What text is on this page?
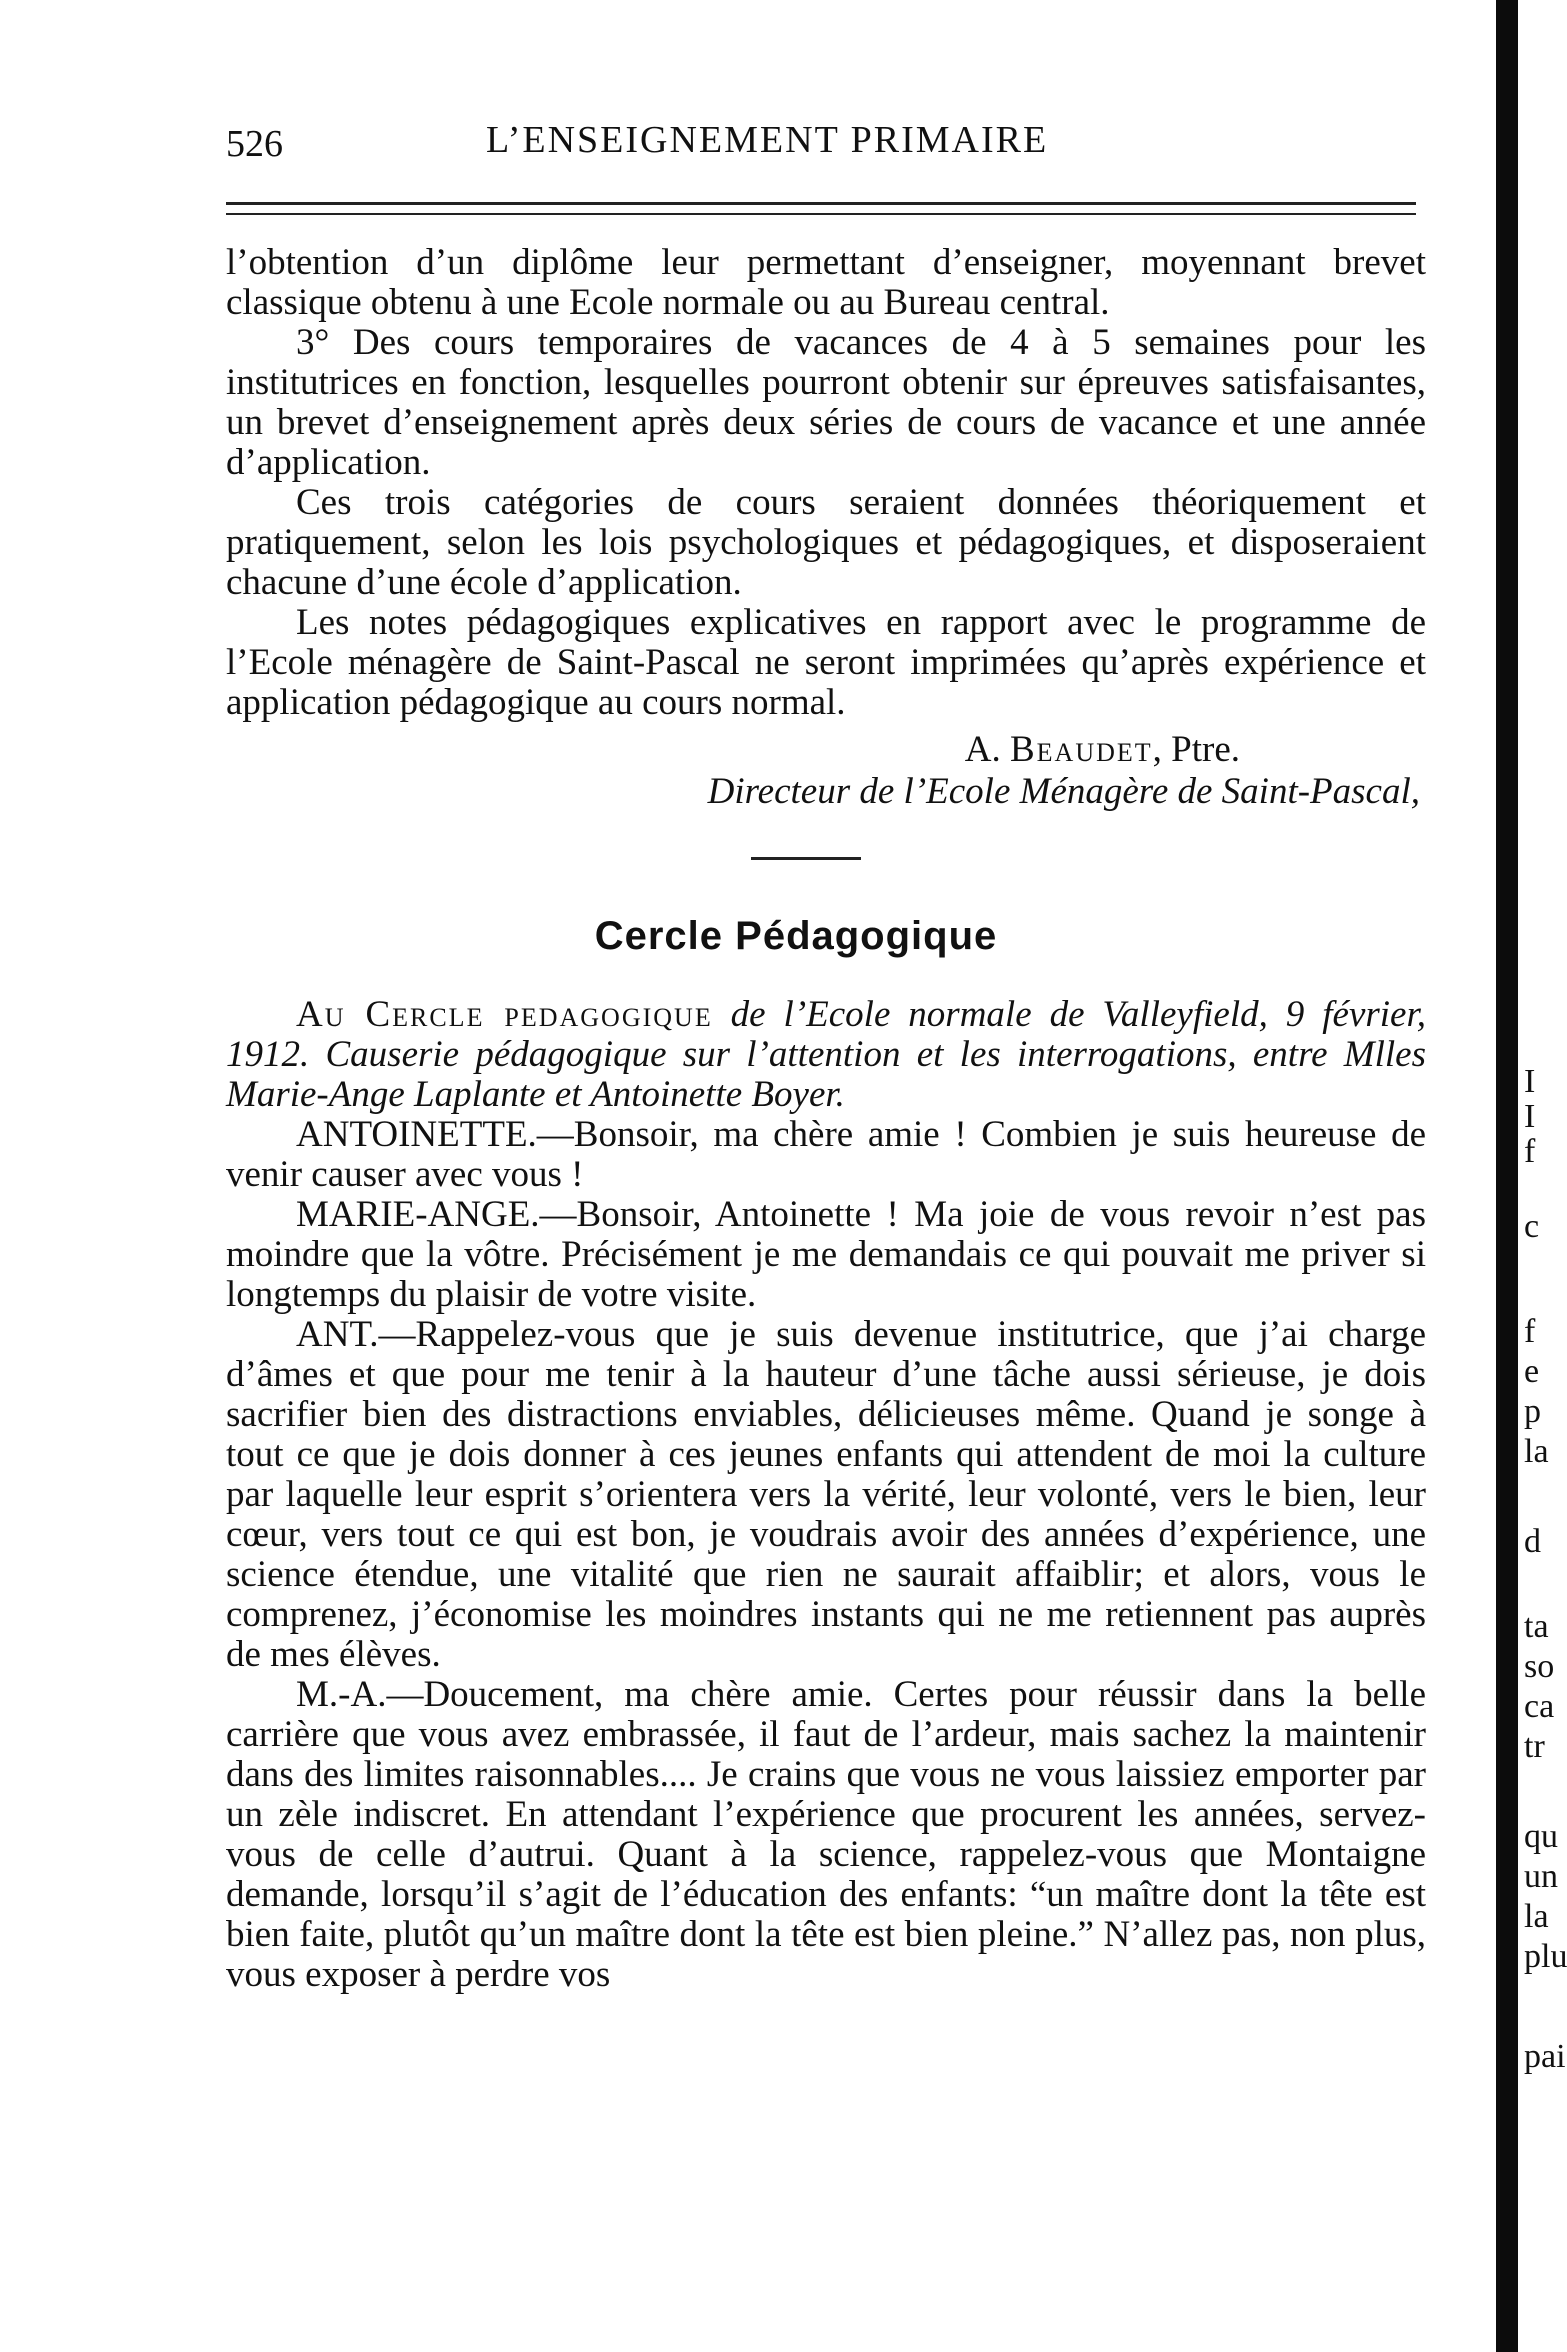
I
I
f
c
f
e
p
la
d
ta
so
ca
tr
qu
un
la
plu
pai
526	L’ENSEIGNEMENT PRIMAIRE

l’obtention d’un diplôme leur permettant d’enseigner, moyennant brevet classique obtenu à une Ecole normale ou au Bureau central.

3° Des cours temporaires de vacances de 4 à 5 semaines pour les institutrices en fonction, lesquelles pourront obtenir sur épreuves satisfaisantes, un brevet d’enseignement après deux séries de cours de vacance et une année d’application.

Ces trois catégories de cours seraient données théoriquement et pratiquement, selon les lois psychologiques et pédagogiques, et disposeraient chacune d’une école d’application.

Les notes pédagogiques explicatives en rapport avec le programme de l’Ecole ménagère de Saint-Pascal ne seront imprimées qu’après expérience et application pédagogique au cours normal.

A. Beaudet, Ptre.
Directeur de l’Ecole Ménagère de Saint-Pascal,
Cercle Pédagogique

Au Cercle pedagogique de l’Ecole normale de Valleyfield, 9 février, 1912. Causerie pédagogique sur l’attention et les interrogations, entre Mlles Marie-Ange Laplante et Antoinette Boyer.

ANTOINETTE.—Bonsoir, ma chère amie ! Combien je suis heureuse de venir causer avec vous !

MARIE-ANGE.—Bonsoir, Antoinette ! Ma joie de vous revoir n’est pas moindre que la vôtre. Précisément je me demandais ce qui pouvait me priver si longtemps du plaisir de votre visite.

ANT.—Rappelez-vous que je suis devenue institutrice, que j’ai charge d’âmes et que pour me tenir à la hauteur d’une tâche aussi sérieuse, je dois sacrifier bien des distractions enviables, délicieuses même. Quand je songe à tout ce que je dois donner à ces jeunes enfants qui attendent de moi la culture par laquelle leur esprit s’orientera vers la vérité, leur volonté, vers le bien, leur cœur, vers tout ce qui est bon, je voudrais avoir des années d’expérience, une science étendue, une vitalité que rien ne saurait affaiblir; et alors, vous le comprenez, j’économise les moindres instants qui ne me retiennent pas auprès de mes élèves.

M.-A.—Doucement, ma chère amie. Certes pour réussir dans la belle carrière que vous avez embrassée, il faut de l’ardeur, mais sachez la maintenir dans des limites raisonnables.... Je crains que vous ne vous laissiez emporter par un zèle indiscret. En attendant l’expérience que procurent les années, servez-vous de celle d’autrui. Quant à la science, rappelez-vous que Montaigne demande, lorsqu’il s’agit de l’éducation des enfants: “un maître dont la tête est bien faite, plutôt qu’un maître dont la tête est bien pleine.” N’allez pas, non plus, vous exposer à perdre vos
